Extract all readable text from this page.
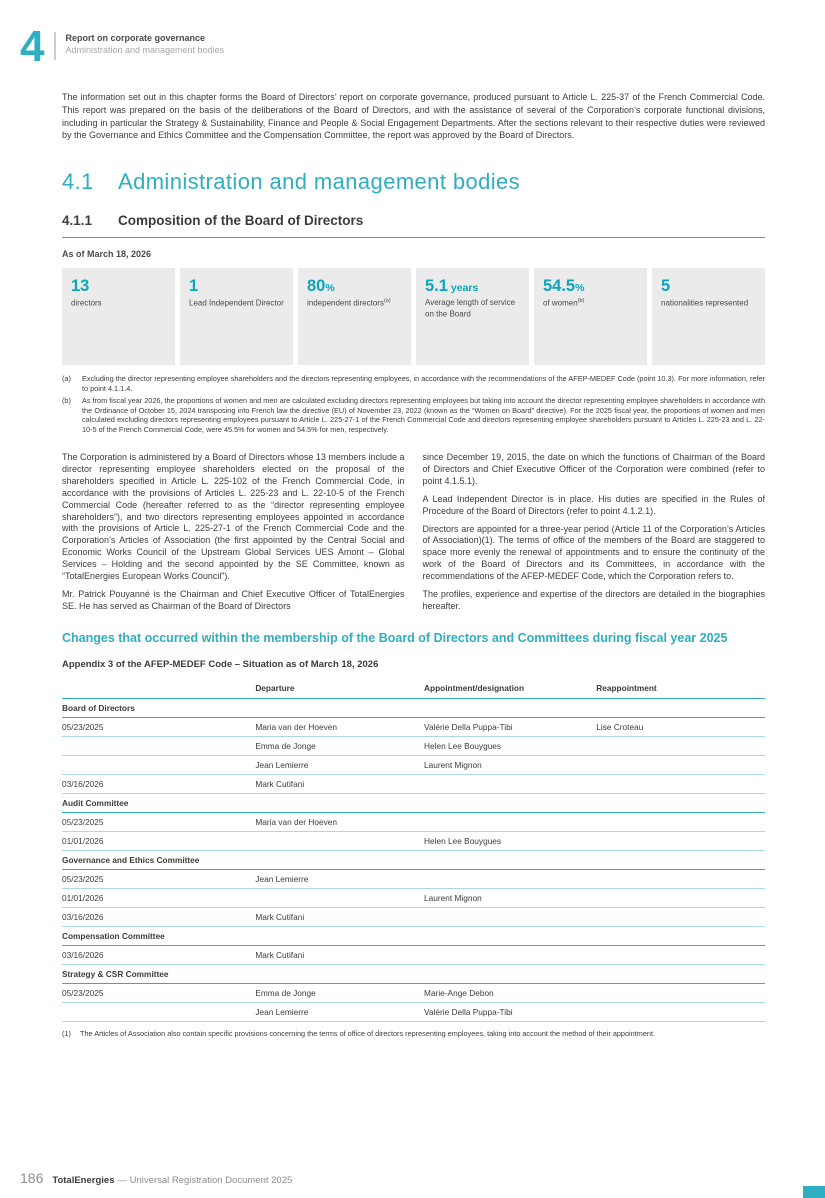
4 Report on corporate governance
Administration and management bodies

The information set out in this chapter forms the Board of Directors’ report on corporate governance, produced pursuant to Article L. 225-37 of the French Commercial Code. This report was prepared on the basis of the deliberations of the Board of Directors, and with the assistance of several of the Corporation’s corporate functional divisions, including in particular the Strategy & Sustainability, Finance and People & Social Engagement Departments. After the sections relevant to their respective duties were reviewed by the Governance and Ethics Committee and the Compensation Committee, the report was approved by the Board of Directors.

4.1	Administration and management bodies
4.1.1	Composition of the Board of Directors
As of March 18, 2026
13
directors
1
Lead Independent Director
80%
independent directors$^{(a)}$
5.1 years
Average length of service on the Board
54.5%
of women$^{(b)}$
5
nationalities represented
(a)	Excluding the director representing employee shareholders and the directors representing employees, in accordance with the recommendations of the AFEP-MEDEF Code (point 10.3). For more information, refer to point 4.1.1.4.
(b)	As from fiscal year 2026, the proportions of women and men are calculated excluding directors representing employees but taking into account the director representing employee shareholders in accordance with the Ordinance of October 15, 2024 transposing into French law the directive (EU) of November 23, 2022 (known as the “Women on Board” directive). For the 2025 fiscal year, the proportions of women and men calculated excluding directors representing employees pursuant to Article L. 225-27-1 of the French Commercial Code and directors representing employee shareholders pursuant to Articles L. 225-23 and L. 22-10-5 of the French Commercial Code, were 45.5% for women and 54.5% for men, respectively.

The Corporation is administered by a Board of Directors whose 13 members include a director representing employee shareholders elected on the proposal of the shareholders specified in Article L. 225-102 of the French Commercial Code, in accordance with the provisions of Articles L. 225-23 and L. 22-10-5 of the French Commercial Code (hereafter referred to as the “director representing employee shareholders”), and two directors representing employees appointed in accordance with the provisions of Article L. 225-27-1 of the French Commercial Code and the Corporation’s Articles of Association (the first appointed by the Central Social and Economic Works Council of the Upstream Global Services UES Amont – Global Services – Holding and the second appointed by the SE Committee, known as “TotalEnergies European Works Council”).

Mr. Patrick Pouyanné is the Chairman and Chief Executive Officer of TotalEnergies SE. He has served as Chairman of the Board of Directors

since December 19, 2015, the date on which the functions of Chairman of the Board of Directors and Chief Executive Officer of the Corporation were combined (refer to point 4.1.5.1).

A Lead Independent Director is in place. His duties are specified in the Rules of Procedure of the Board of Directors (refer to point 4.1.2.1).

Directors are appointed for a three-year period (Article 11 of the Corporation’s Articles of Association)(1). The terms of office of the members of the Board are staggered to space more evenly the renewal of appointments and to ensure the continuity of the work of the Board of Directors and its Committees, in accordance with the recommendations of the AFEP-MEDEF Code, which the Corporation refers to.

The profiles, experience and expertise of the directors are detailed in the biographies hereafter.

Changes that occurred within the membership of the Board of Directors and Committees during fiscal year 2025
Appendix 3 of the AFEP-MEDEF Code – Situation as of March 18, 2026
	Departure	Appointment/designation	Reappointment
Board of Directors			
05/23/2025	Maria van der Hoeven	Valérie Della Puppa-Tibi	Lise Croteau
	Emma de Jonge	Helen Lee Bouygues	
	Jean Lemierre	Laurent Mignon	
03/16/2026	Mark Cutifani		
Audit Committee			
05/23/2025	Maria van der Hoeven		
01/01/2026		Helen Lee Bouygues	
Governance and Ethics Committee			
05/23/2025	Jean Lemierre		
01/01/2026		Laurent Mignon	
03/16/2026	Mark Cutifani		
Compensation Committee			
03/16/2026	Mark Cutifani		
Strategy & CSR Committee			
05/23/2025	Emma de Jonge	Marie-Ange Debon	
	Jean Lemierre	Valérie Della Puppa-Tibi	
(1)	The Articles of Association also contain specific provisions concerning the terms of office of directors representing employees, taking into account the method of their appointment.
186 TotalEnergies — Universal Registration Document 2025
